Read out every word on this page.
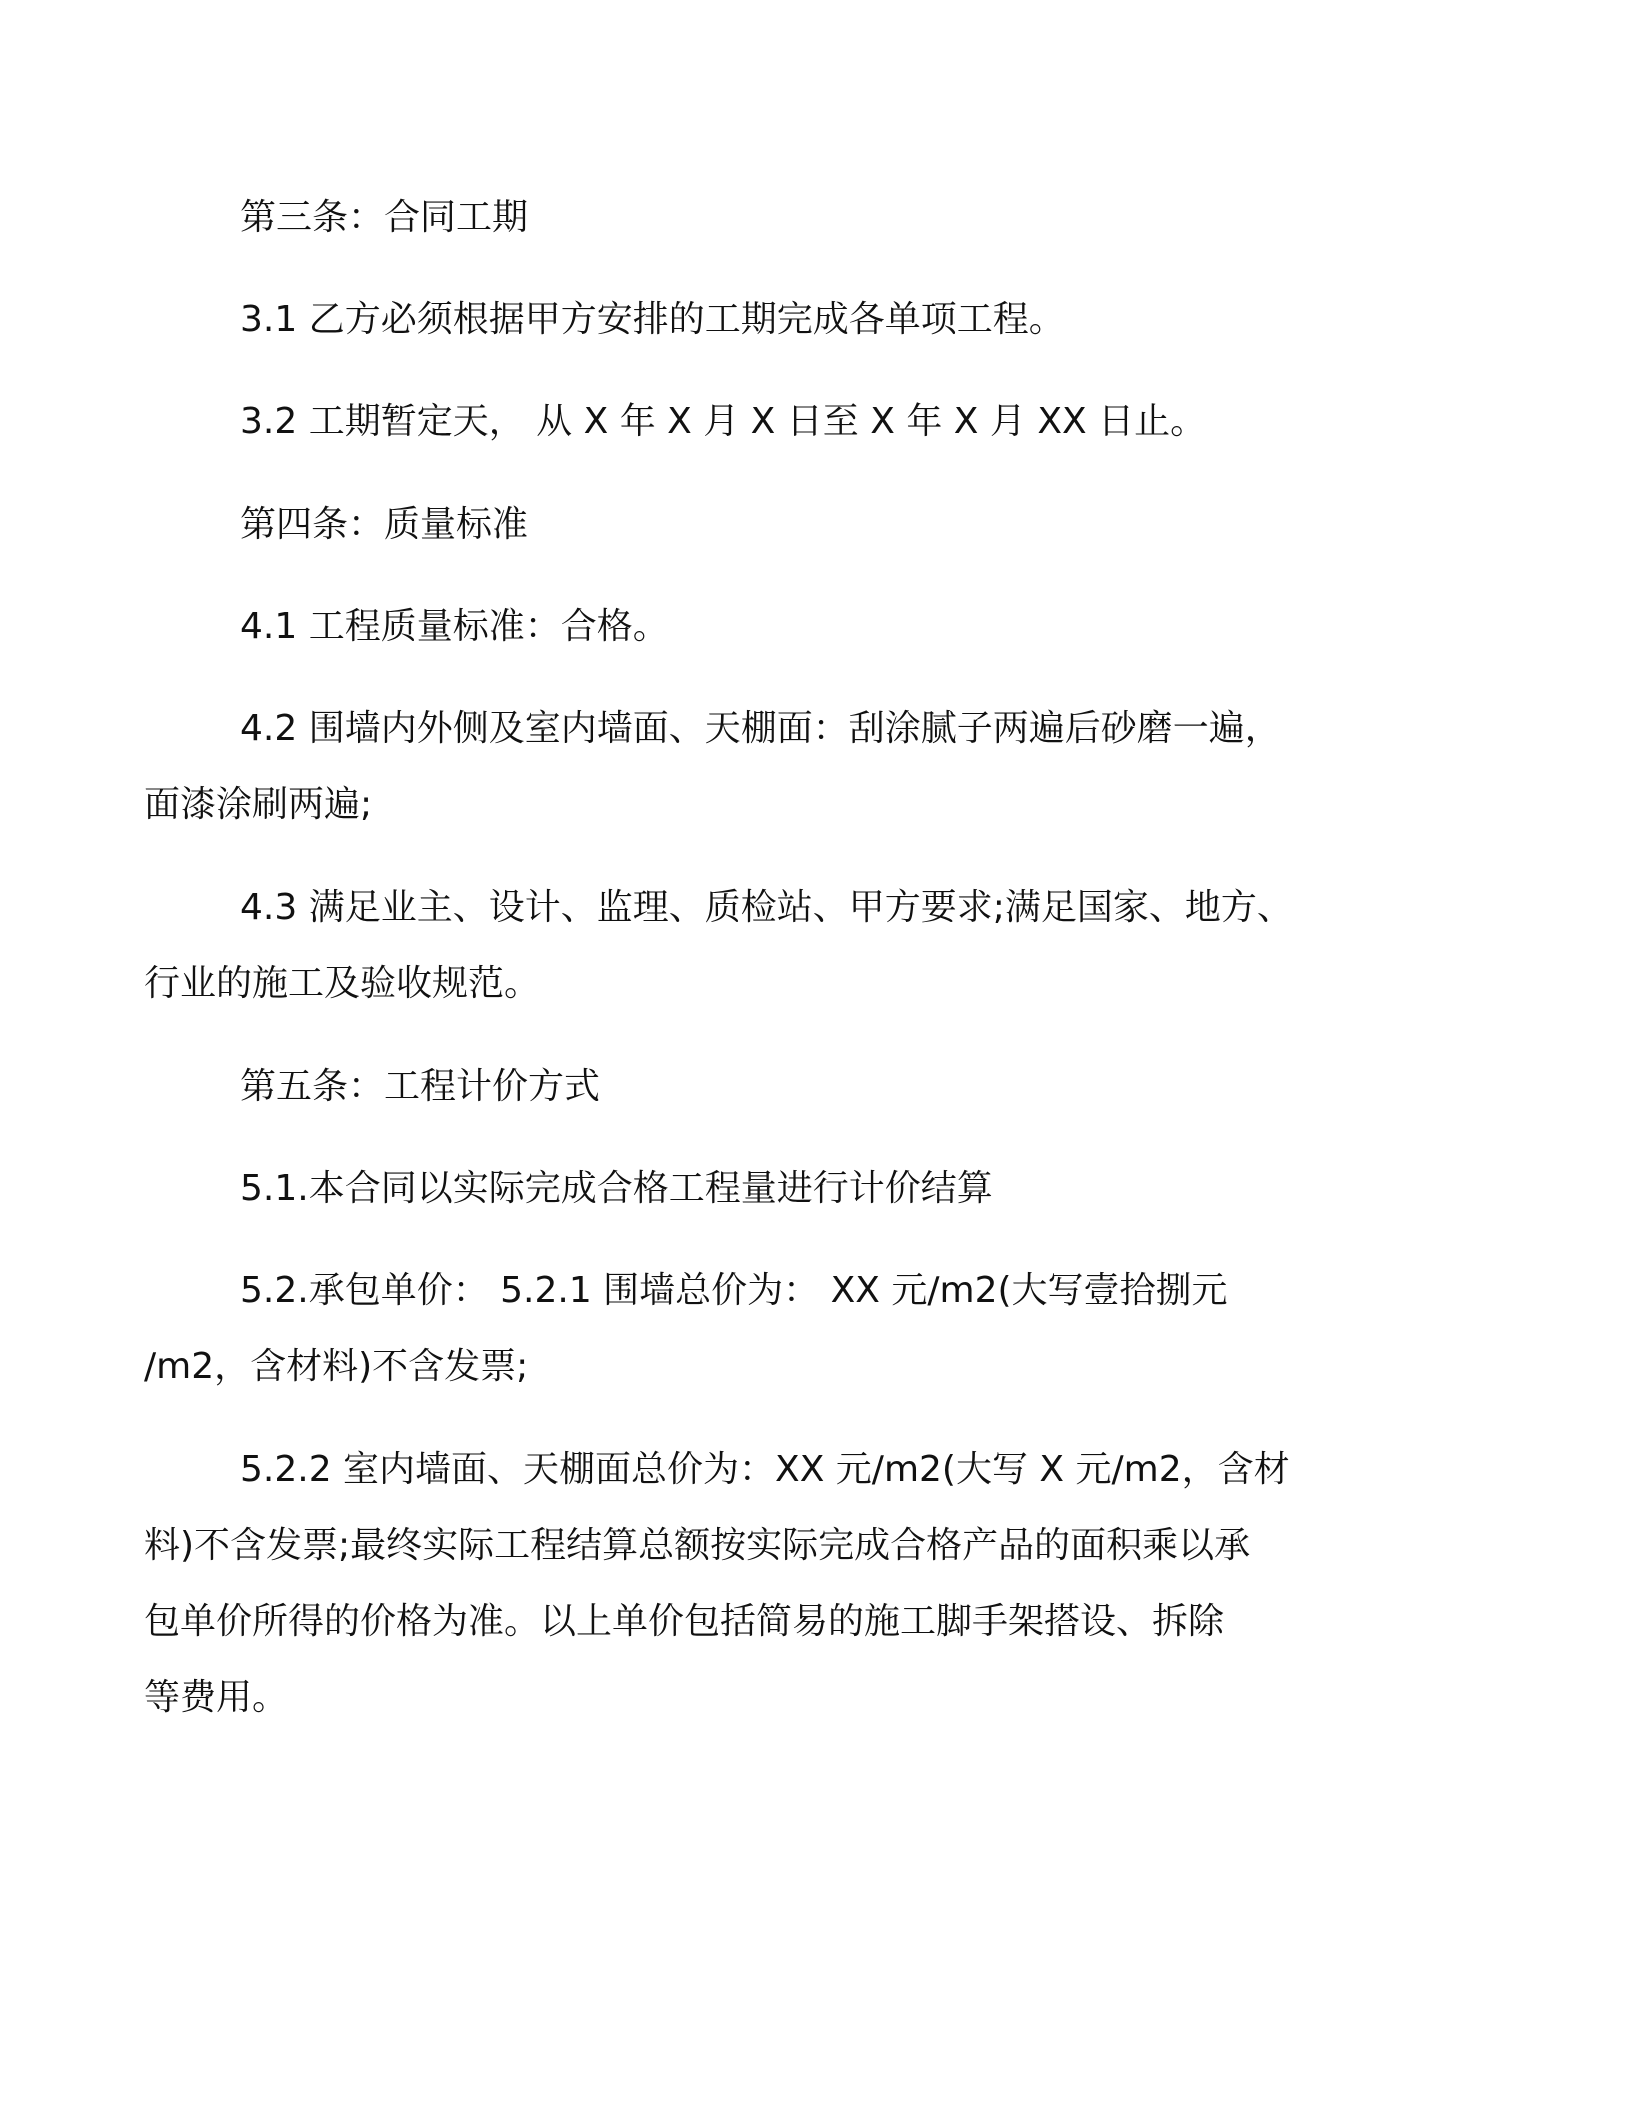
第三条：合同工期

3.1 乙方必须根据甲方安排的工期完成各单项工程。

3.2 工期暂定天， 从 X 年 X 月 X 日至 X 年 X 月 XX 日止。

第四条：质量标准

4.1 工程质量标准：合格。

4.2 围墙内外侧及室内墙面、天棚面：刮涂腻子两遍后砂磨一遍，
面漆涂刷两遍;

4.3 满足业主、设计、监理、质检站、甲方要求;满足国家、地方、
行业的施工及验收规范。

第五条：工程计价方式

5.1.本合同以实际完成合格工程量进行计价结算

5.2.承包单价： 5.2.1 围墙总价为： XX 元/m2(大写壹拾捌元
/m2，含材料)不含发票;

5.2.2 室内墙面、天棚面总价为：XX 元/m2(大写 X 元/m2，含材
料)不含发票;最终实际工程结算总额按实际完成合格产品的面积乘以承
包单价所得的价格为准。以上单价包括简易的施工脚手架搭设、拆除
等费用。
